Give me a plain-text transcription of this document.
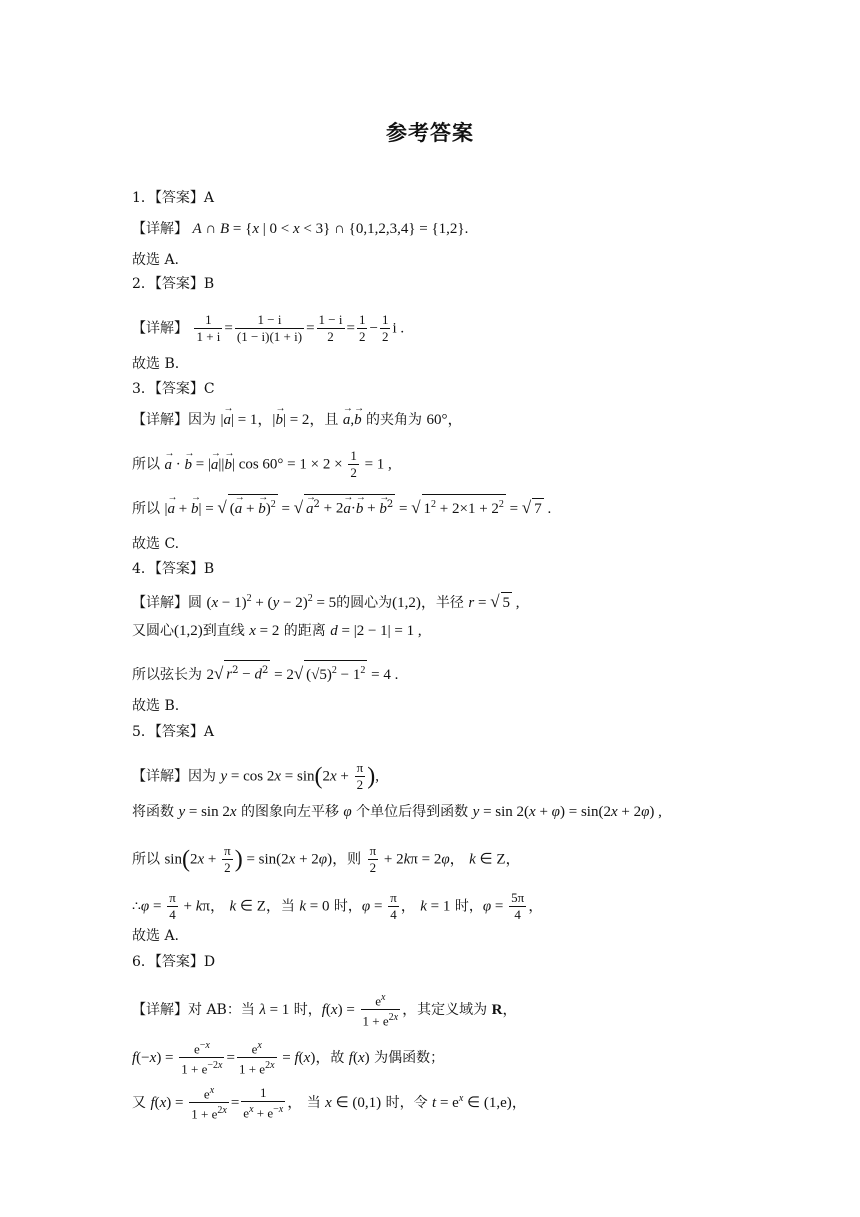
参考答案
1．【答案】A
【详解】 A ∩ B = {x | 0 < x < 3} ∩ {0,1,2,3,4} = {1,2}.
故选 A.
2．【答案】B
【详解】 $\frac{1}{1 + i} = \frac{1 - i}{(1 - i)(1 + i)} = \frac{1 - i}{2} = \frac{1}{2} - \frac{1}{2}$ i .
故选 B.
3．【答案】C
【详解】因为 |→ a| = 1，|→ b| = 2，且 → a,→ b 的夹角为 60°，
所以 → a · → b = |→ a||→ b| $\cos 60^\circ = 1 \times 2 \times \frac{1}{2} = 1$ ,
所以 |→ a + → b| = √ (→ a + → b)$^2$ = √ → $a^2 + 2\to a\cdot\to b$ + → $b^2$ = √ $1^2 + 2\times 1 + 2^2$ = √ 7 .
故选 C.
4．【答案】B
【详解】圆 $(x - 1)^2 + (y - 2)^2 = 5$的圆心为(1,2)，半径 r = √ 5 ,
又圆心(1,2)到直线 x = 2 的距离 d = |2 − 1| = 1 ,
所以弦长为 2√ $r^2 - d^2 = 2√$ $(√5)^2 - 1^2 = 4$ .
故选 B.
5．【答案】A
【详解】因为 $y = \cos 2x = \sin(2x + \frac{\pi}{2}$ ),
将函数 y = sin 2x 的图象向左平移 φ 个单位后得到函数 y = sin 2(x + φ) = sin(2x + 2φ) ,
所以 $\sin(2x + \frac{\pi}{2}$ ) = sin(2x + 2φ)，则 $\frac{\pi}{2} + 2k\pi = 2\varphi$， k ∈ Z，
∴φ = $\frac{\pi}{4} + k\pi$， k ∈ Z，当 k = 0 时，$\varphi = \frac{\pi}{4}$ ， k = 1 时，$\varphi = \frac{5\pi}{4}$ ，
故选 A.
6．【答案】D
【详解】对 AB：当 λ = 1 时，$f(x) = \frac{e^x}{1 + e^{2x}}$ ，其定义域为 R，
$f(-x) = \frac{e^{-x}}{1 + e^{-2x}} = \frac{e^x}{1 + e^{2x}} = f(x)$，故 f(x) 为偶函数；
又 $f(x) = \frac{e^x}{1 + e^{2x}} = \frac{1}{e^x + e^{-x}}$ ， 当 x ∈ (0,1) 时，令 $t = e^x$ ∈ (1,e)，
